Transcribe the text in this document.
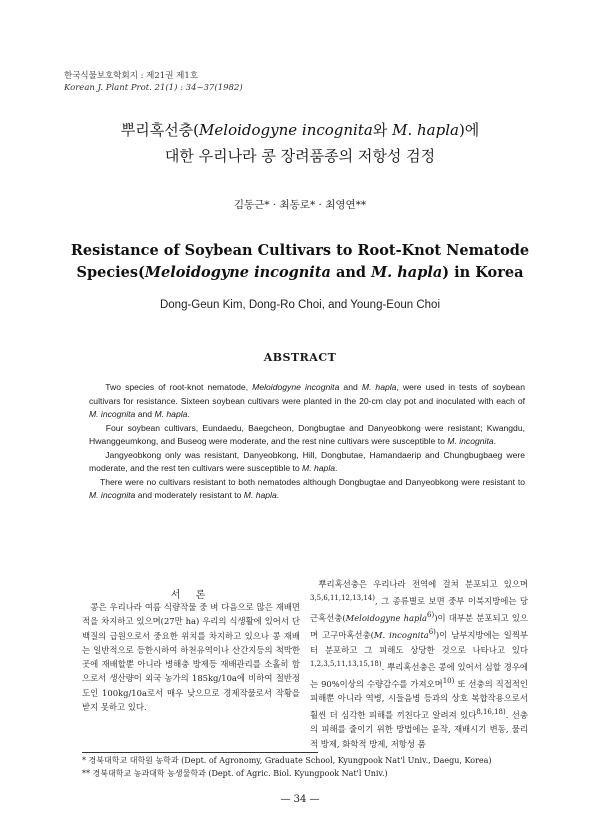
한국식물보호학회지 : 제21권 제1호
Korean J. Plant Prot. 21(1) : 34~37(1982)
뿌리혹선충(Meloidogyne incognita와 M. hapla)에
대한 우리나라 콩 장려품종의 저항성 검정
김동근* · 최동로* · 최영연**
Resistance of Soybean Cultivars to Root-Knot Nematode
Species(Meloidogyne incognita and M. hapla) in Korea
Dong-Geun Kim, Dong-Ro Choi, and Young-Eoun Choi
ABSTRACT

Two species of root-knot nematode, Meloidogyne incognita and M. hapla, were used in tests of soybean cultivars for resistance. Sixteen soybean cultivars were planted in the 20-cm clay pot and inoculated with each of M. incognita and M. hapla.

Four soybean cultivars, Eundaedu, Baegcheon, Dongbugtae and Danyeobkong were resistant; Kwangdu, Hwanggeumkong, and Buseog were moderate, and the rest nine cultivars were susceptible to M. incognita.

Jangyeobkong only was resistant, Danyeobkong, Hill, Dongbutae, Hamandaerip and Chungbugbaeg were moderate, and the rest ten cultivars were susceptible to M. hapla.

There were no cultivars resistant to both nematodes although Dongbugtae and Danyeobkong were resistant to M. incognita and moderately resistant to M. hapla.

서 론

콩은 우리나라 여름 식량작물 중 벼 다음으로 많은 재배면적을 차지하고 있으며(27만 ha) 우리의 식생활에 있어서 단백질의 급원으로서 중요한 위치를 차지하고 있으나 콩 재배는 일반적으로 등한시하여 하천유역이나 산간지등의 척박한 곳에 재배할뿐 아니라 병해충 방제등 재배관리를 소홀히 함으로서 생산량이 외국 농가의 185kg/10a에 비하여 절반정도인 100kg/10a로서 매우 낮으므로 경제작물로서 작황을 받지 못하고 있다.

뿌리혹선충은 우리나라 전역에 걸쳐 분포되고 있으며$^{3,5,6,11,12,13,14)}$, 그 종류별로 보면 중부 이북지방에는 당근혹선충(Meloidogyne hapla$^{6)}$)이 대부분 분포되고 있으며 고구마혹선충(M. incognita$^{6)}$)이 남부지방에는 일찍부터 분포하고 그 피해도 상당한 것으로 나타나고 있다$^{1,2,3,5,11,13,15,18)}$. 뿌리혹선충은 콩에 있어서 심할 경우에는 90%이상의 수량감수를 가져오며$^{10)}$ 또 선충의 직접적인 피해뿐 아니라 역병, 시들음병 등과의 상호 복합작용으로서 훨씬 더 심각한 피해를 끼친다고 알려져 있다$^{8,16,18)}$. 선충의 피해를 줄이기 위한 방법에는 윤작, 재배시기 변동, 물리적 방제, 화학적 방제, 저항성 품

* 경북대학교 대학원 농학과 (Dept. of Agronomy, Graduate School, Kyungpook Nat'l Univ., Daegu, Korea)
** 경북대학교 농과대학 농생물학과 (Dept. of Agric. Biol. Kyungpook Nat'l Univ.)
— 34 —
